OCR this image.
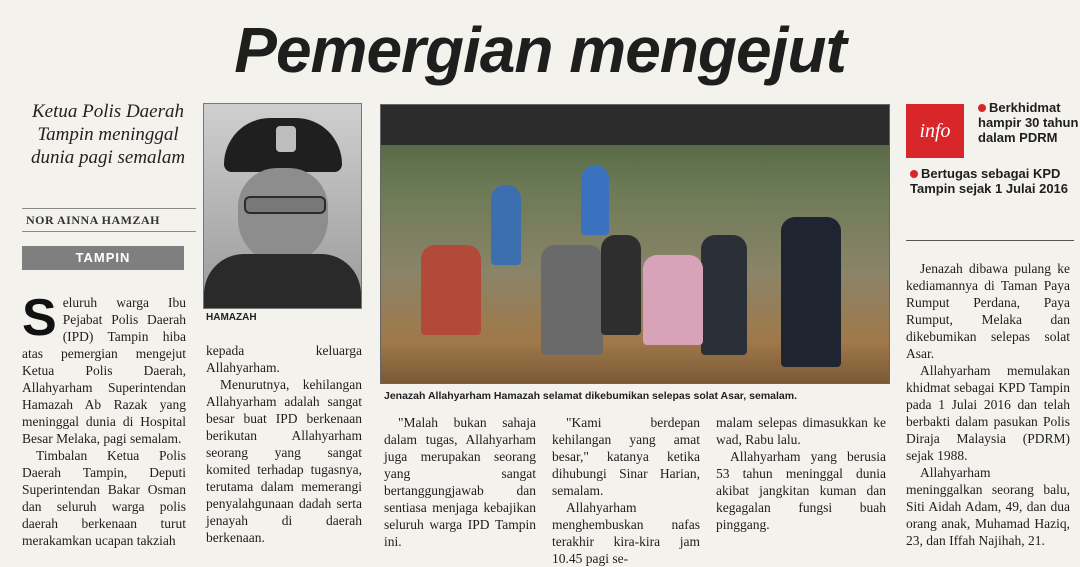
Pemergian mengejut
Ketua Polis Daerah Tampin meninggal dunia pagi semalam
NOR AINNA HAMZAH
TAMPIN

Seluruh warga Ibu Pejabat Polis Daerah (IPD) Tampin hiba atas pemergian mengejut Ketua Polis Daerah, Allahyarham Superintendan Hamazah Ab Razak yang meninggal dunia di Hospital Besar Melaka, pagi semalam.

Timbalan Ketua Polis Daerah Tampin, Deputi Superintendan Bakar Osman dan seluruh warga polis daerah berkenaan turut merakamkan ucapan takziah

HAMAZAH

kepada keluarga Allahyarham.

Menurutnya, kehilangan Allahyarham adalah sangat besar buat IPD berkenaan berikutan Allahyarham seorang yang sangat komited terhadap tugasnya, terutama dalam memerangi penyalahgunaan dadah serta jenayah di daerah berkenaan.

Jenazah Allahyarham Hamazah selamat dikebumikan selepas solat Asar, semalam.

"Malah bukan sahaja dalam tugas, Allahyarham juga merupakan seorang yang sangat bertanggungjawab dan sentiasa menjaga kebajikan seluruh warga IPD Tampin ini.

"Kami berdepan kehilangan yang amat besar," katanya ketika dihubungi Sinar Harian, semalam.

Allahyarham menghembuskan nafas terakhir kira-kira jam 10.45 pagi se-

malam selepas dimasukkan ke wad, Rabu lalu.

Allahyarham yang berusia 53 tahun meninggal dunia akibat jangkitan kuman dan kegagalan fungsi buah pinggang.

info
Berkhidmat hampir 30 tahun dalam PDRM
Bertugas sebagai KPD Tampin sejak 1 Julai 2016

Jenazah dibawa pulang ke kediamannya di Taman Paya Rumput Perdana, Paya Rumput, Melaka dan dikebumikan selepas solat Asar.

Allahyarham memulakan khidmat sebagai KPD Tampin pada 1 Julai 2016 dan telah berbakti dalam pasukan Polis Diraja Malaysia (PDRM) sejak 1988.

Allahyarham meninggalkan seorang balu, Siti Aidah Adam, 49, dan dua orang anak, Muhamad Haziq, 23, dan Iffah Najihah, 21.
